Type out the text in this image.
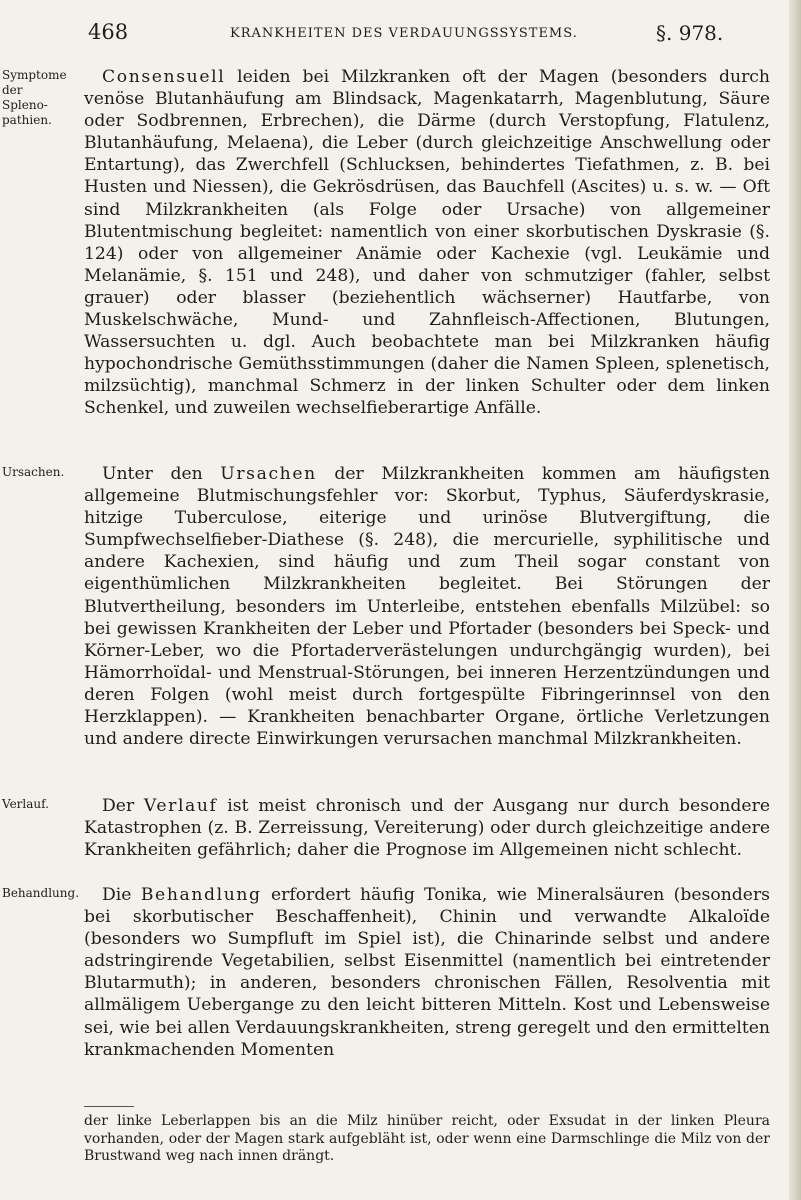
468	KRANKHEITEN DES VERDAUUNGSSYSTEMS.	§. 978.
Symptome der Spleno-pathien.
Ursachen.
Verlauf.
Behandlung.

Consensuell leiden bei Milzkranken oft der Magen (besonders durch venöse Blutanhäufung am Blindsack, Magenkatarrh, Magenblutung, Säure oder Sodbrennen, Erbrechen), die Därme (durch Verstopfung, Flatulenz, Blutanhäufung, Melaena), die Leber (durch gleichzeitige Anschwellung oder Entartung), das Zwerchfell (Schlucksen, behindertes Tiefathmen, z. B. bei Husten und Niessen), die Gekrösdrüsen, das Bauchfell (Ascites) u. s. w. — Oft sind Milzkrankheiten (als Folge oder Ursache) von allgemeiner Blutentmischung begleitet: namentlich von einer skorbutischen Dyskrasie (§. 124) oder von allgemeiner Anämie oder Kachexie (vgl. Leukämie und Melanämie, §. 151 und 248), und daher von schmutziger (fahler, selbst grauer) oder blasser (beziehentlich wächserner) Hautfarbe, von Muskelschwäche, Mund- und Zahnfleisch-Affectionen, Blutungen, Wassersuchten u. dgl. Auch beobachtete man bei Milzkranken häufig hypochondrische Gemüthsstimmungen (daher die Namen Spleen, splenetisch, milzsüchtig), manchmal Schmerz in der linken Schulter oder dem linken Schenkel, und zuweilen wechselfieberartige Anfälle.

Unter den Ursachen der Milzkrankheiten kommen am häufigsten allgemeine Blutmischungsfehler vor: Skorbut, Typhus, Säuferdyskrasie, hitzige Tuberculose, eiterige und urinöse Blutvergiftung, die Sumpfwechselfieber-Diathese (§. 248), die mercurielle, syphilitische und andere Kachexien, sind häufig und zum Theil sogar constant von eigenthümlichen Milzkrankheiten begleitet. Bei Störungen der Blutvertheilung, besonders im Unterleibe, entstehen ebenfalls Milzübel: so bei gewissen Krankheiten der Leber und Pfortader (besonders bei Speck- und Körner-Leber, wo die Pfortaderverästelungen undurchgängig wurden), bei Hämorrhoïdal- und Menstrual-Störungen, bei inneren Herzentzündungen und deren Folgen (wohl meist durch fortgespülte Fibringerinnsel von den Herzklappen). — Krankheiten benachbarter Organe, örtliche Verletzungen und andere directe Einwirkungen verursachen manchmal Milzkrankheiten.

Der Verlauf ist meist chronisch und der Ausgang nur durch besondere Katastrophen (z. B. Zerreissung, Vereiterung) oder durch gleichzeitige andere Krankheiten gefährlich; daher die Prognose im Allgemeinen nicht schlecht.

Die Behandlung erfordert häufig Tonika, wie Mineralsäuren (besonders bei skorbutischer Beschaffenheit), Chinin und verwandte Alkaloïde (besonders wo Sumpfluft im Spiel ist), die Chinarinde selbst und andere adstringirende Vegetabilien, selbst Eisenmittel (namentlich bei eintretender Blutarmuth); in anderen, besonders chronischen Fällen, Resolventia mit allmäligem Uebergange zu den leicht bitteren Mitteln. Kost und Lebensweise sei, wie bei allen Verdauungskrankheiten, streng geregelt und den ermittelten krankmachenden Momenten

der linke Leberlappen bis an die Milz hinüber reicht, oder Exsudat in der linken Pleura vorhanden, oder der Magen stark aufgebläht ist, oder wenn eine Darmschlinge die Milz von der Brustwand weg nach innen drängt.
